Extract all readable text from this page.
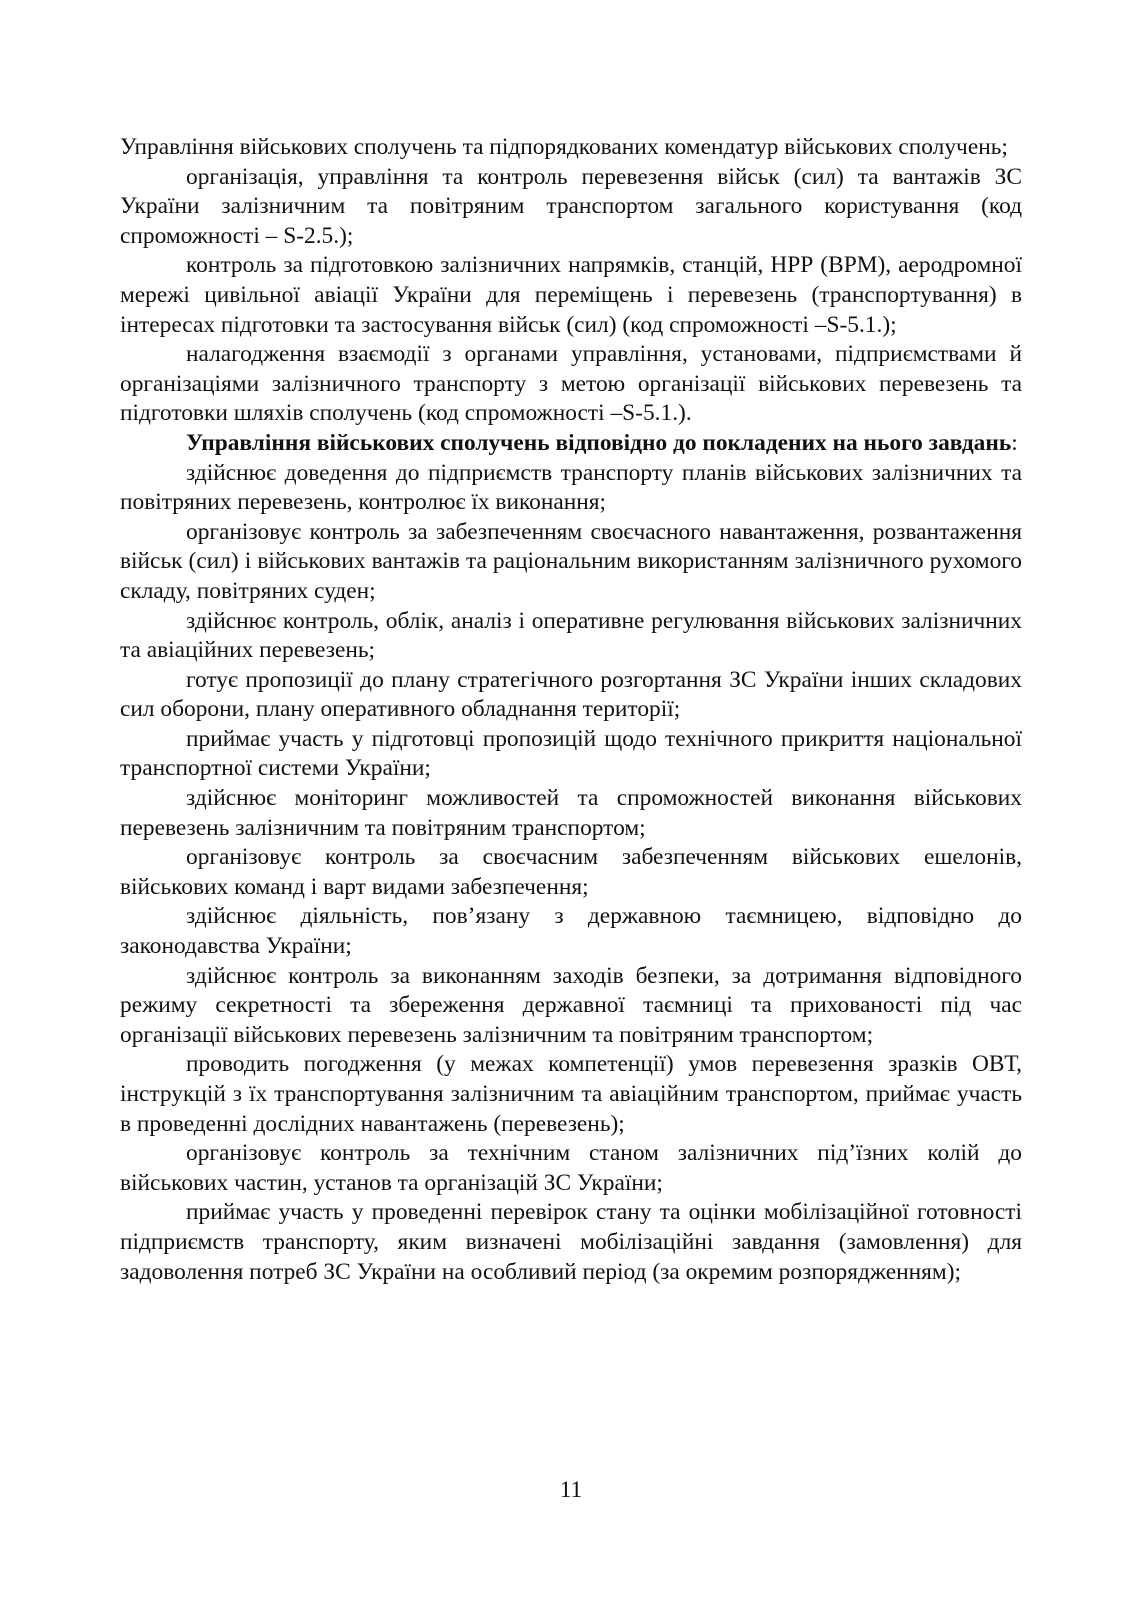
Управління військових сполучень та підпорядкованих комендатур військових сполучень;

організація, управління та контроль перевезення військ (сил) та вантажів ЗС України залізничним та повітряним транспортом загального користування (код спроможності – S-2.5.);

контроль за підготовкою залізничних напрямків, станцій, НРР (ВРМ), аеродромної мережі цивільної авіації України для переміщень і перевезень (транспортування) в інтересах підготовки та застосування військ (сил) (код спроможності –S-5.1.);

налагодження взаємодії з органами управління, установами, підприємствами й організаціями залізничного транспорту з метою організації військових перевезень та підготовки шляхів сполучень (код спроможності –S-5.1.).

Управління військових сполучень відповідно до покладених на нього завдань:

здійснює доведення до підприємств транспорту планів військових залізничних та повітряних перевезень, контролює їх виконання;

організовує контроль за забезпеченням своєчасного навантаження, розвантаження військ (сил) і військових вантажів та раціональним використанням залізничного рухомого складу, повітряних суден;

здійснює контроль, облік, аналіз і оперативне регулювання військових залізничних та авіаційних перевезень;

готує пропозиції до плану стратегічного розгортання ЗС України інших складових сил оборони, плану оперативного обладнання території;

приймає участь у підготовці пропозицій щодо технічного прикриття національної транспортної системи України;

здійснює моніторинг можливостей та спроможностей виконання військових перевезень залізничним та повітряним транспортом;

організовує контроль за своєчасним забезпеченням військових ешелонів, військових команд і варт видами забезпечення;

здійснює діяльність, пов’язану з державною таємницею, відповідно до законодавства України;

здійснює контроль за виконанням заходів безпеки, за дотримання відповідного режиму секретності та збереження державної таємниці та прихованості під час організації військових перевезень залізничним та повітряним транспортом;

проводить погодження (у межах компетенції) умов перевезення зразків ОВТ, інструкцій з їх транспортування залізничним та авіаційним транспортом, приймає участь в проведенні дослідних навантажень (перевезень);

організовує контроль за технічним станом залізничних під’їзних колій до військових частин, установ та організацій ЗС України;

приймає участь у проведенні перевірок стану та оцінки мобілізаційної готовності підприємств транспорту, яким визначені мобілізаційні завдання (замовлення) для задоволення потреб ЗС України на особливий період (за окремим розпорядженням);

11
